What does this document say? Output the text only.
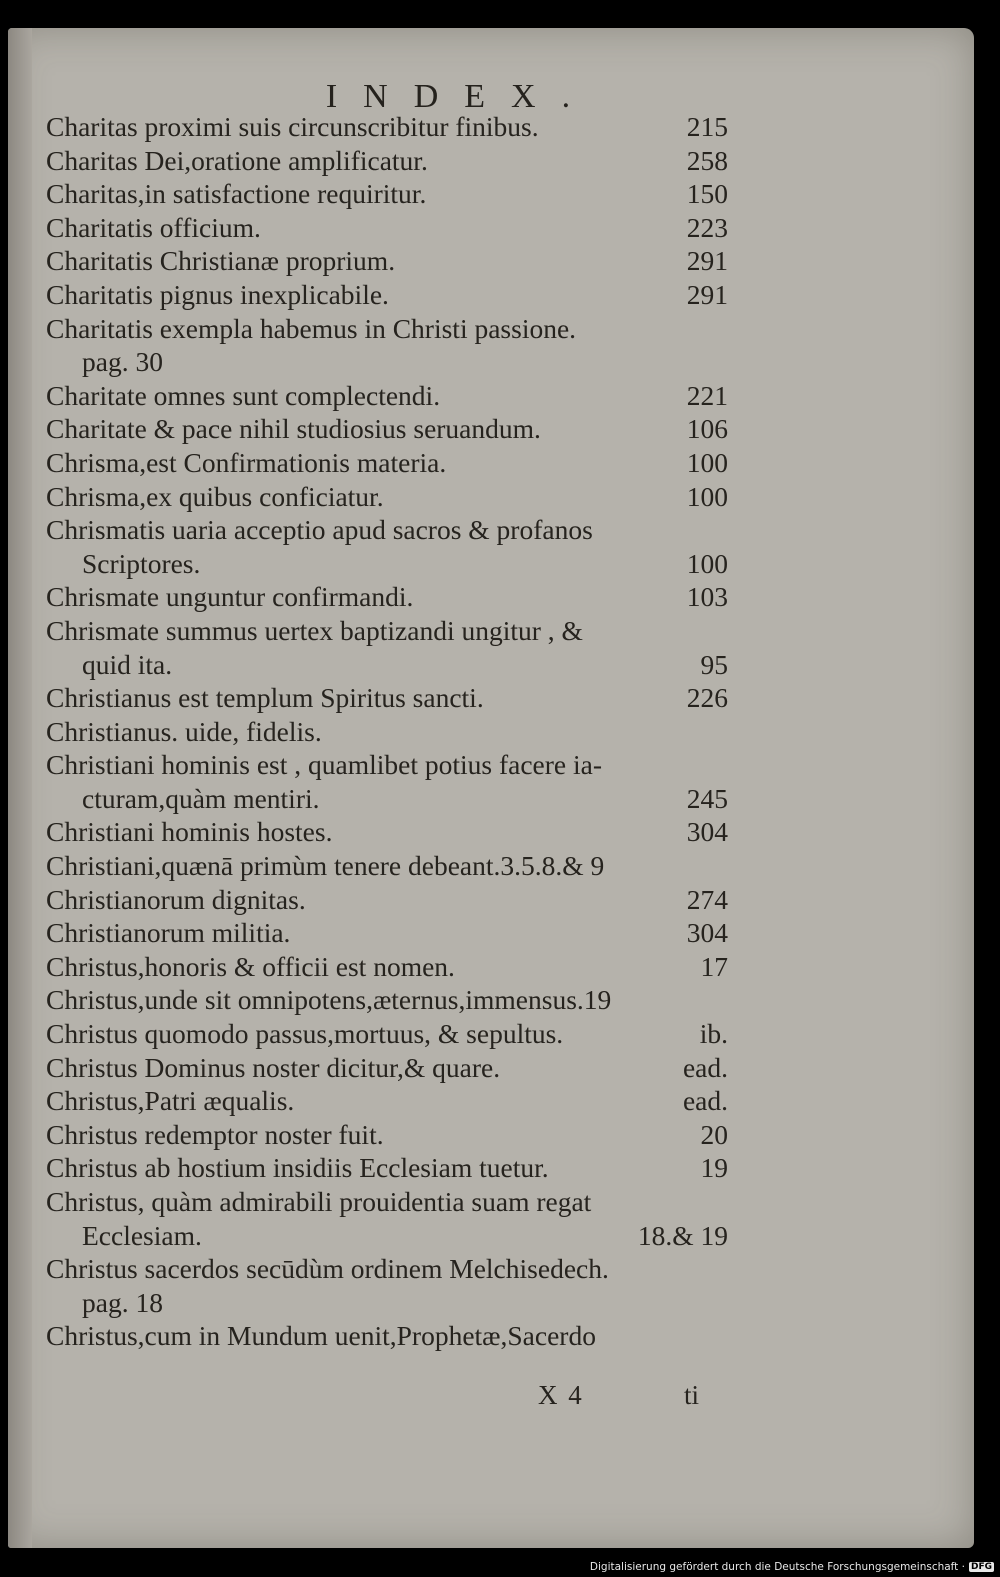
INDEX.
Charitas proximi suis circunscribitur finibus.	215
Charitas Dei,oratione amplificatur.	258
Charitas,in satisfactione requiritur.	150
Charitatis officium.	223
Charitatis Christianæ proprium.	291
Charitatis pignus inexplicabile.	291
Charitatis exempla habemus in Christi passione.
pag. 30
Charitate omnes sunt complectendi.	221
Charitate & pace nihil studiosius seruandum.	106
Chrisma,est Confirmationis materia.	100
Chrisma,ex quibus conficiatur.	100
Chrismatis uaria acceptio apud sacros & profanos
Scriptores.	100
Chrismate unguntur confirmandi.	103
Chrismate summus uertex baptizandi ungitur , &
quid ita.	95
Christianus est templum Spiritus sancti.	226
Christianus. uide, fidelis.
Christiani hominis est , quamlibet potius facere ia-
cturam,quàm mentiri.	245
Christiani hominis hostes.	304
Christiani,quænā primùm tenere debeant.3.5.8.& 9
Christianorum dignitas.	274
Christianorum militia.	304
Christus,honoris & officii est nomen.	17
Christus,unde sit omnipotens,æternus,immensus.19
Christus quomodo passus,mortuus, & sepultus.	ib.
Christus Dominus noster dicitur,& quare.	ead.
Christus,Patri æqualis.	ead.
Christus redemptor noster fuit.	20
Christus ab hostium insidiis Ecclesiam tuetur.	19
Christus, quàm admirabili prouidentia suam regat
Ecclesiam.	18.& 19
Christus sacerdos secūdùm ordinem Melchisedech.
pag. 18
Christus,cum in Mundum uenit,Prophetæ,Sacerdo
X 4	ti
Digitalisierung gefördert durch die Deutsche Forschungsgemeinschaft · DFG
